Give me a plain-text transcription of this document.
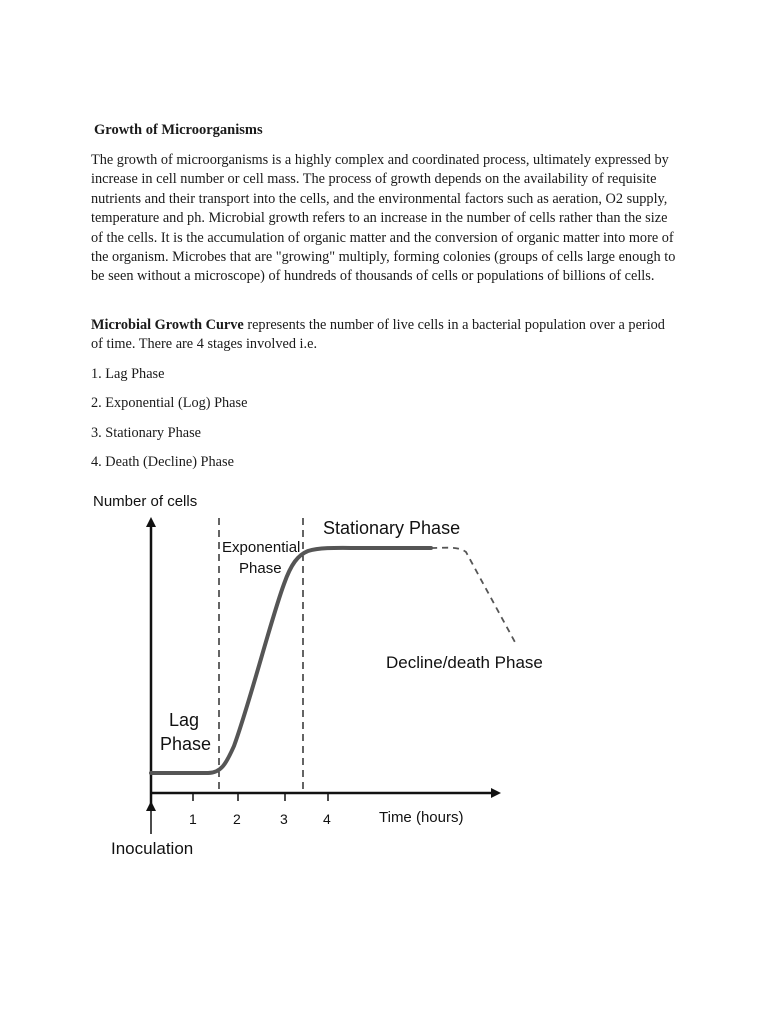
Growth of Microorganisms

The growth of microorganisms is a highly complex and coordinated process, ultimately expressed by increase in cell number or cell mass. The process of growth depends on the availability of requisite nutrients and their transport into the cells, and the environmental factors such as aeration, O2 supply, temperature and ph. Microbial growth refers to an increase in the number of cells rather than the size of the cells. It is the accumulation of organic matter and the conversion of organic matter into more of the organism. Microbes that are "growing" multiply, forming colonies (groups of cells large enough to be seen without a microscope) of hundreds of thousands of cells or populations of billions of cells.

Microbial Growth Curve represents the number of live cells in a bacterial population over a period of time. There are 4 stages involved i.e.

1. Lag Phase
2. Exponential (Log) Phase
3. Stationary Phase
4. Death (Decline) Phase
Number of cells
Exponential
Phase
Stationary Phase
Decline/death Phase
Lag
Phase
1	2	3	4	Time (hours)
Inoculation
